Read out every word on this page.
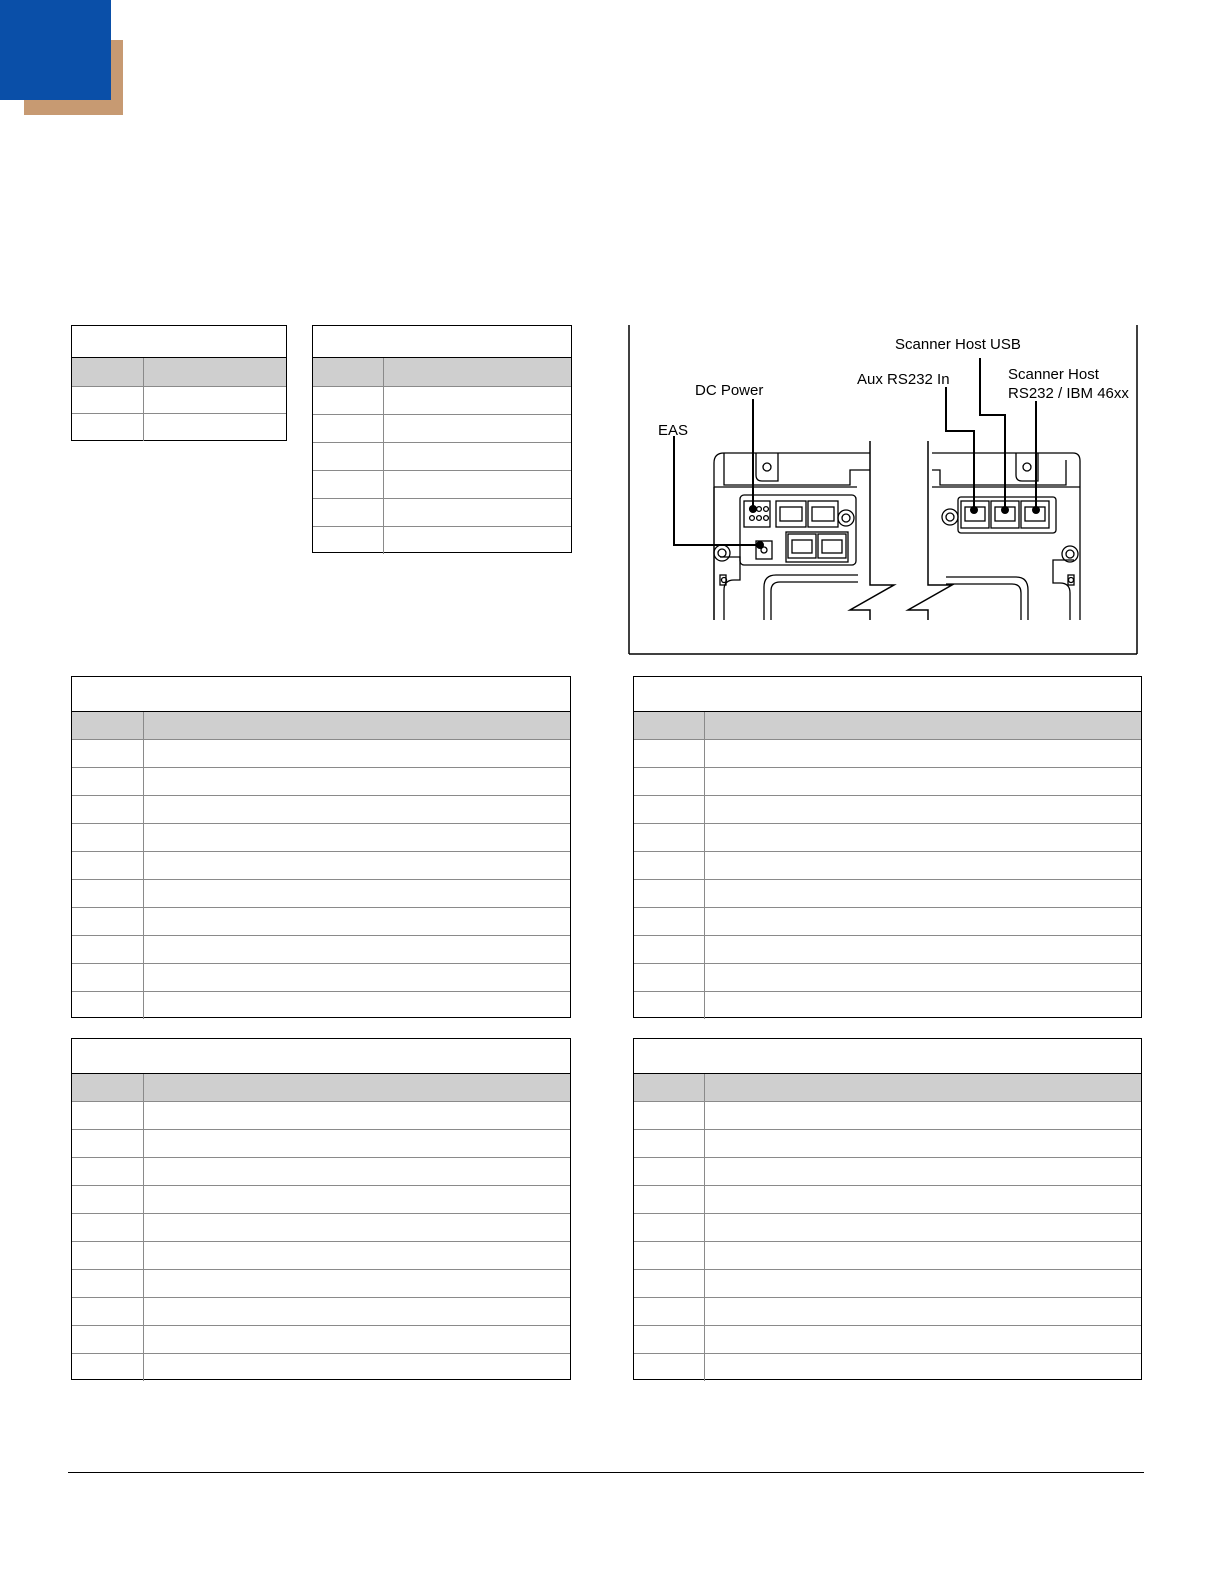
Scanner Host USB
Aux RS232 In	Scanner Host
RS232 / IBM 46xx
DC Power
EAS
